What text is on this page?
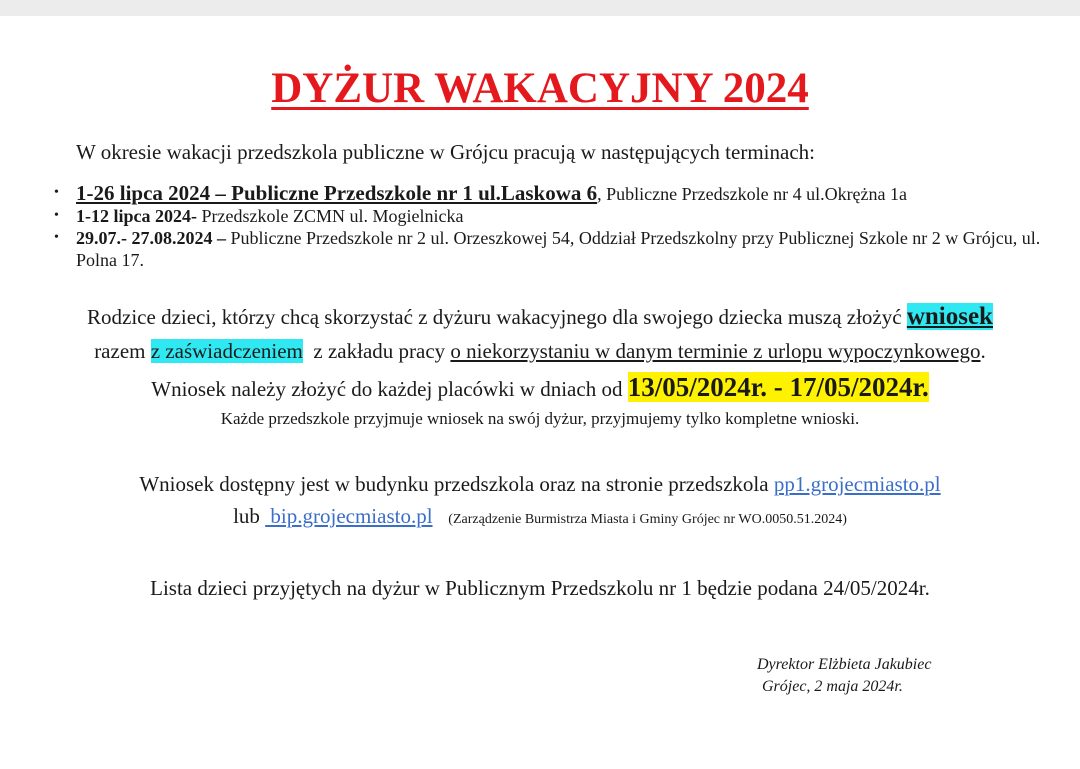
DYŻUR WAKACYJNY 2024
W okresie wakacji przedszkola publiczne w Grójcu pracują w następujących terminach:
• 1-26 lipca 2024 – Publiczne Przedszkole nr 1 ul.Laskowa 6, Publiczne Przedszkole nr 4 ul.Okrężna 1a
• 1-12 lipca 2024- Przedszkole ZCMN ul. Mogielnicka
• 29.07.- 27.08.2024 – Publiczne Przedszkole nr 2 ul. Orzeszkowej 54, Oddział Przedszkolny przy Publicznej Szkole nr 2 w Grójcu, ul. Polna 17.
Rodzice dzieci, którzy chcą skorzystać z dyżuru wakacyjnego dla swojego dziecka muszą złożyć wniosek
razem z zaświadczeniem  z zakładu pracy o niekorzystaniu w danym terminie z urlopu wypoczynkowego.
Wniosek należy złożyć do każdej placówki w dniach od 13/05/2024r. - 17/05/2024r.
Każde przedszkole przyjmuje wniosek na swój dyżur, przyjmujemy tylko kompletne wnioski.
Wniosek dostępny jest w budynku przedszkola oraz na stronie przedszkola pp1.grojecmiasto.pl
lub  bip.grojecmiasto.pl (Zarządzenie Burmistrza Miasta i Gminy Grójec nr WO.0050.51.2024)
Lista dzieci przyjętych na dyżur w Publicznym Przedszkolu nr 1 będzie podana 24/05/2024r.
Dyrektor Elżbieta Jakubiec
Grójec, 2 maja 2024r.
